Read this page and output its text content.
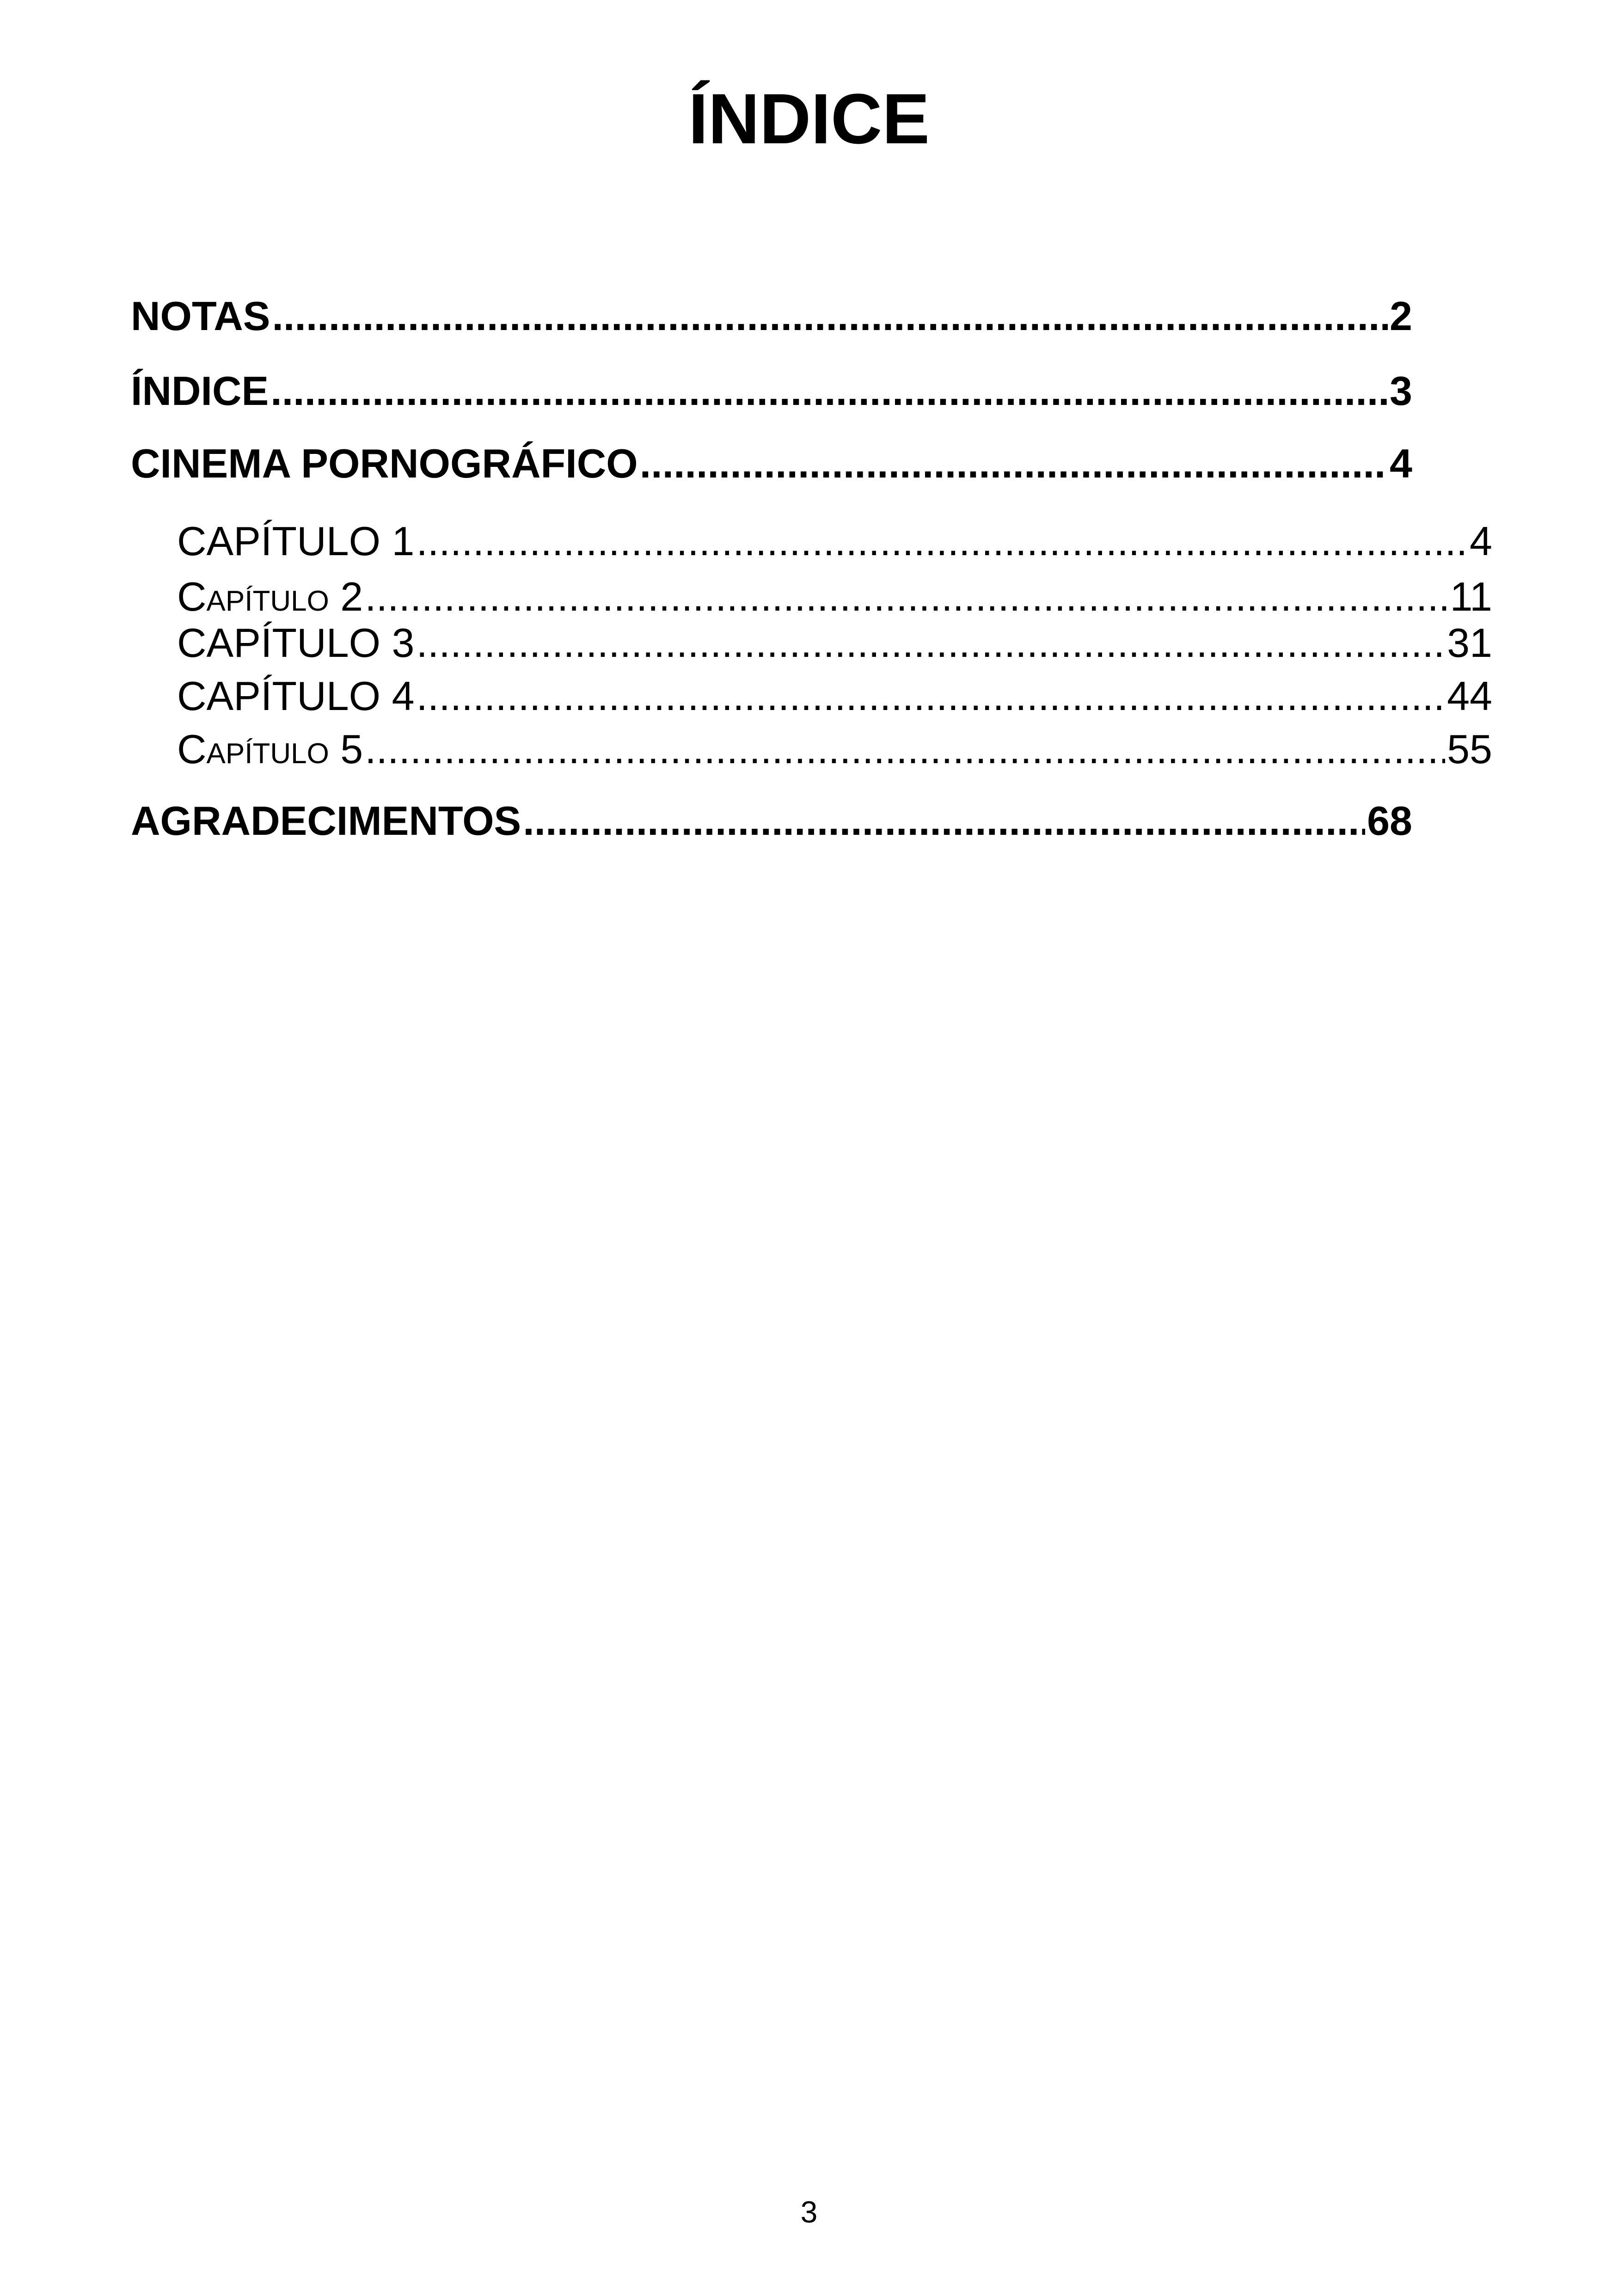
ÍNDICE
NOTAS .....	2
ÍNDICE .....	3
CINEMA PORNOGRÁFICO .....	4
CAPÍTULO 1 .....	4
Capítulo 2 .....	11
CAPÍTULO 3 .....	31
CAPÍTULO 4 .....	44
Capítulo 5 .....	55
AGRADECIMENTOS .....	68
3
